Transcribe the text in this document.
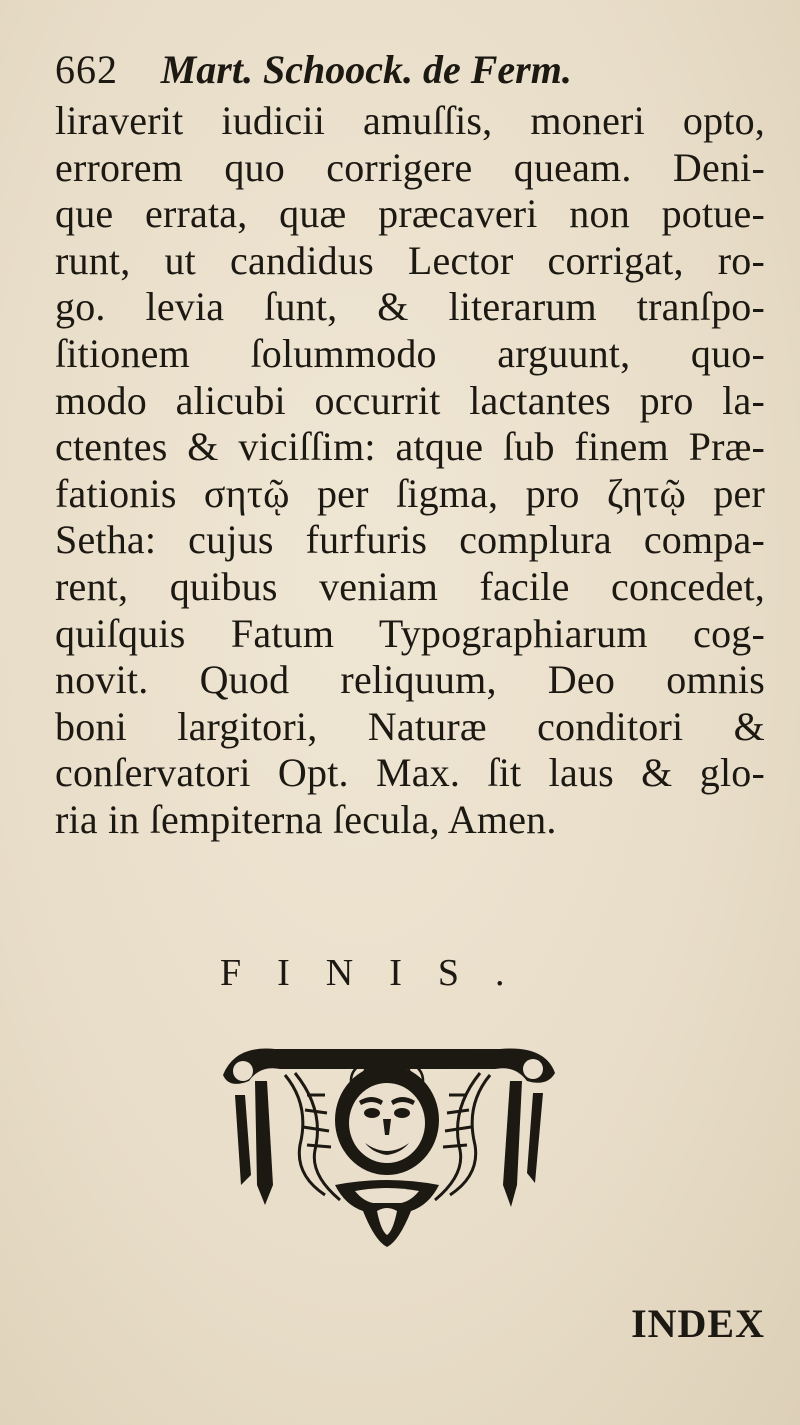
662 Mart. Schoock. de Ferm.
liraverit iudicii amuſſis, moneri opto,
errorem quo corrigere queam. Deni-
que errata, quæ præcaveri non potue-
runt, ut candidus Lector corrigat, ro-
go. levia ſunt, & literarum tranſpo-
ſitionem ſolummodo arguunt, quo-
modo alicubi occurrit lactantes pro la-
ctentes & viciſſim: atque ſub finem Præ-
fationis σητῷ per ſigma, pro ζητῷ per
Setha: cujus furfuris complura compa-
rent, quibus veniam facile concedet,
quiſquis Fatum Typographiarum cog-
novit. Quod reliquum, Deo omnis
boni largitori, Naturæ conditori &
conſervatori Opt. Max. ſit laus & glo-
ria in ſempiterna ſecula, Amen.
FINIS.
INDEX
